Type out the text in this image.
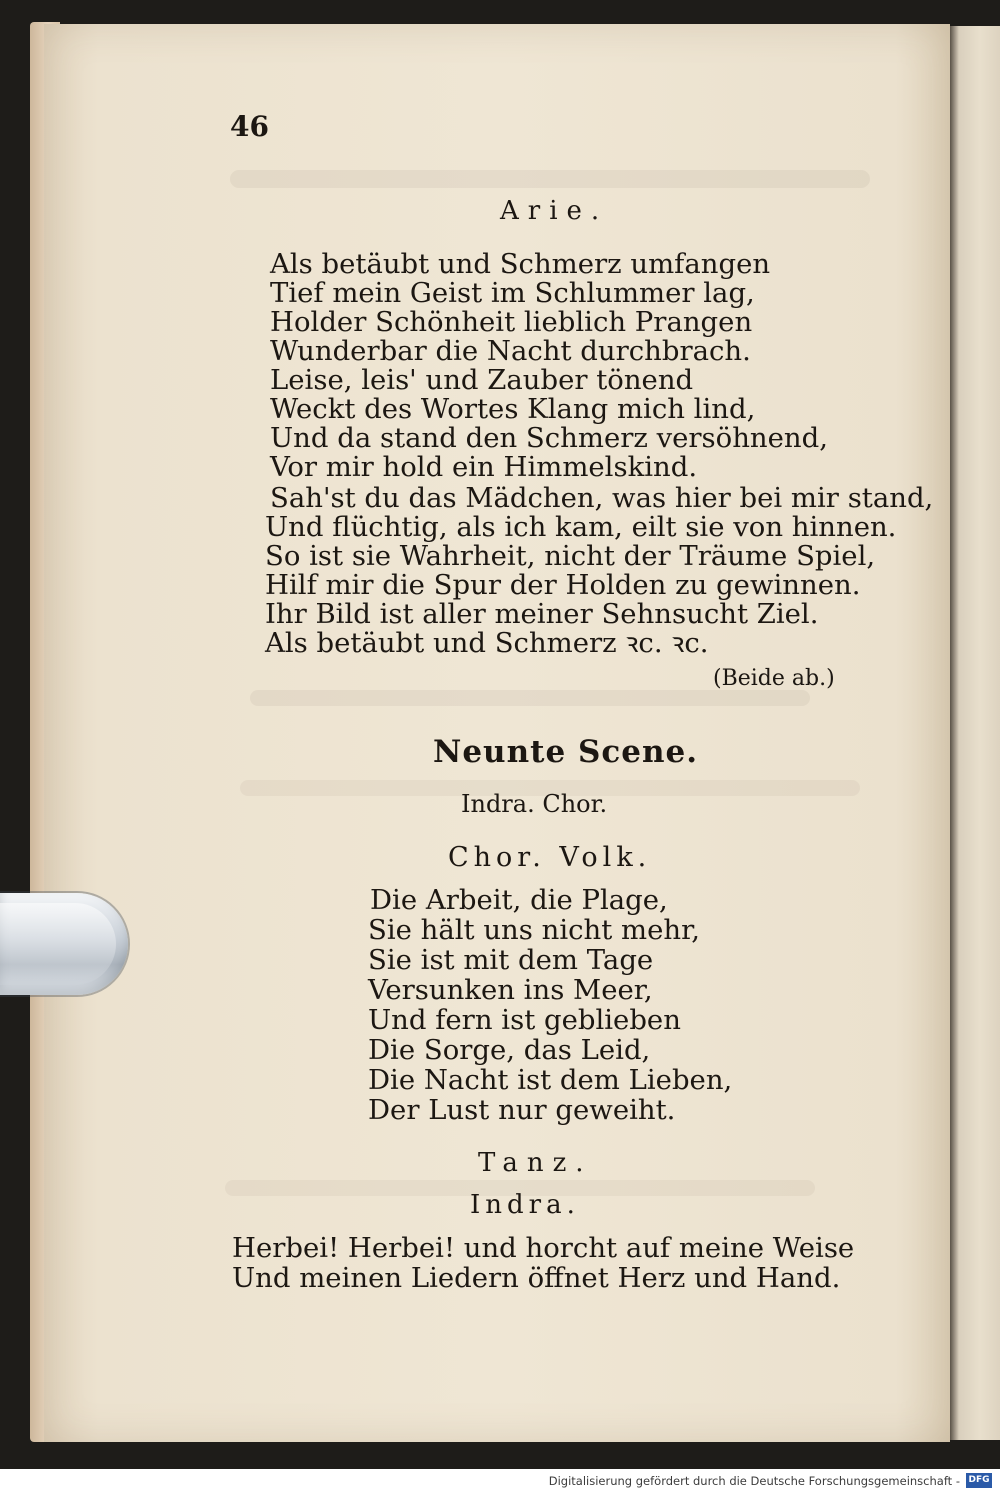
46
Arie.
Als betäubt und Schmerz umfangen
Tief mein Geist im Schlummer lag,
Holder Schönheit lieblich Prangen
Wunderbar die Nacht durchbrach.
Leise, leis' und Zauber tönend
Weckt des Wortes Klang mich lind,
Und da stand den Schmerz versöhnend,
Vor mir hold ein Himmelskind.
Sah'st du das Mädchen, was hier bei mir stand,
Und flüchtig, als ich kam, eilt sie von hinnen.
So ist sie Wahrheit, nicht der Träume Spiel,
Hilf mir die Spur der Holden zu gewinnen.
Ihr Bild ist aller meiner Sehnsucht Ziel.
Als betäubt und Schmerz ꝛc. ꝛc.
(Beide ab.)
Neunte Scene.
Indra. Chor.
Chor. Volk.
Die Arbeit, die Plage,
Sie hält uns nicht mehr,
Sie ist mit dem Tage
Versunken ins Meer,
Und fern ist geblieben
Die Sorge, das Leid,
Die Nacht ist dem Lieben,
Der Lust nur geweiht.
Tanz.
Indra.
Herbei! Herbei! und horcht auf meine Weise
Und meinen Liedern öffnet Herz und Hand.
Digitalisierung gefördert durch die Deutsche Forschungsgemeinschaft - DFG
